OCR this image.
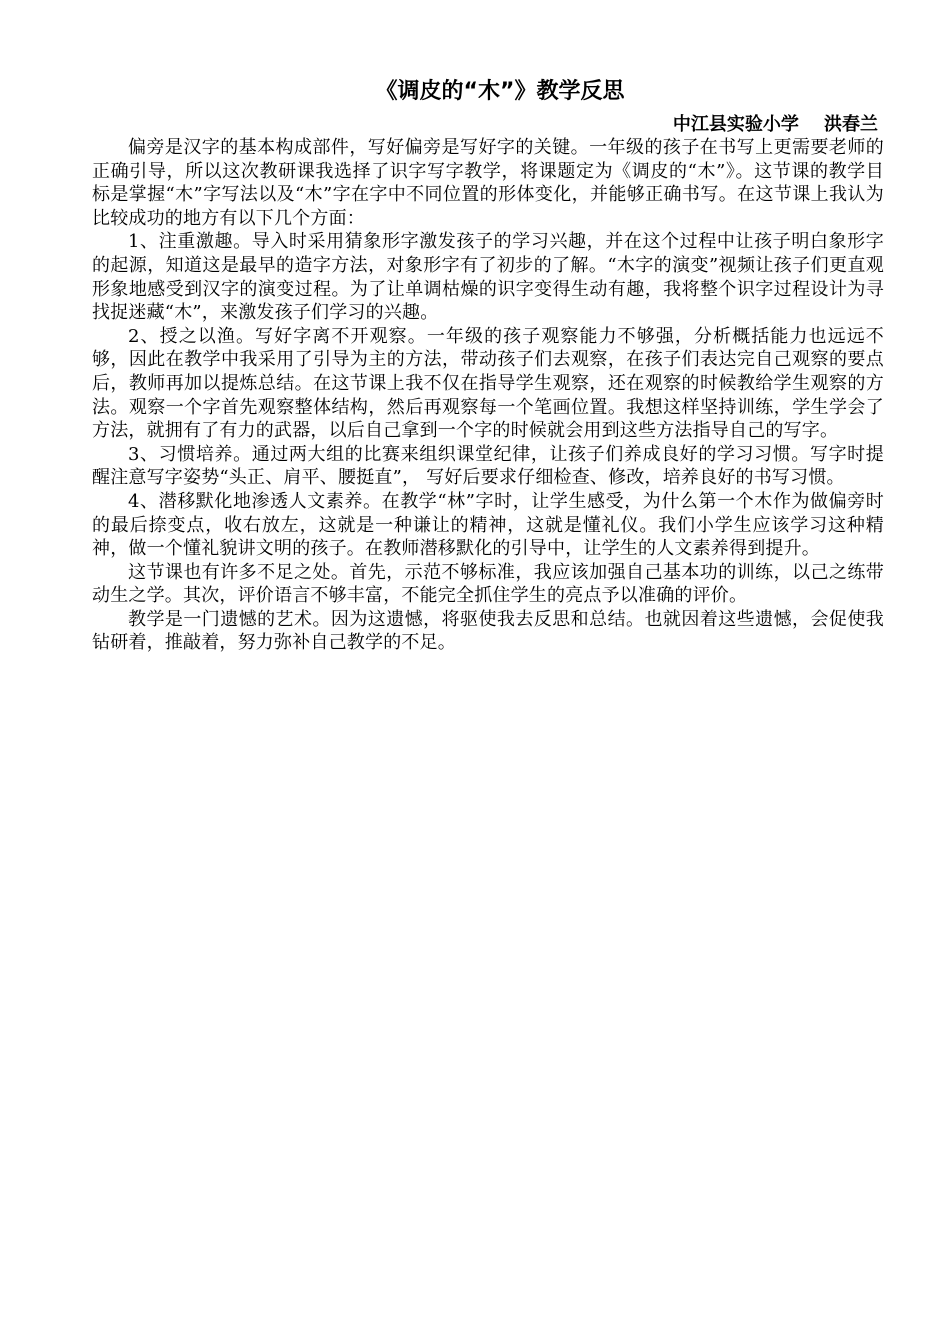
《调皮的“木”》教学反思
中江县实验小学    洪春兰

偏旁是汉字的基本构成部件，写好偏旁是写好字的关键。一年级的孩子在书写上更需要老师的正确引导，所以这次教研课我选择了识字写字教学，将课题定为《调皮的“木”》。这节课的教学目标是掌握“木”字写法以及“木”字在字中不同位置的形体变化，并能够正确书写。在这节课上我认为比较成功的地方有以下几个方面：

1、注重激趣。导入时采用猜象形字激发孩子的学习兴趣，并在这个过程中让孩子明白象形字的起源，知道这是最早的造字方法，对象形字有了初步的了解。“木字的演变”视频让孩子们更直观形象地感受到汉字的演变过程。为了让单调枯燥的识字变得生动有趣，我将整个识字过程设计为寻找捉迷藏“木”，来激发孩子们学习的兴趣。

2、授之以渔。写好字离不开观察。一年级的孩子观察能力不够强，分析概括能力也远远不够，因此在教学中我采用了引导为主的方法，带动孩子们去观察，在孩子们表达完自己观察的要点后，教师再加以提炼总结。在这节课上我不仅在指导学生观察，还在观察的时候教给学生观察的方法。观察一个字首先观察整体结构，然后再观察每一个笔画位置。我想这样坚持训练，学生学会了方法，就拥有了有力的武器，以后自己拿到一个字的时候就会用到这些方法指导自己的写字。

3、习惯培养。通过两大组的比赛来组织课堂纪律，让孩子们养成良好的学习习惯。写字时提醒注意写字姿势“头正、肩平、腰挺直”， 写好后要求仔细检查、修改，培养良好的书写习惯。

4、潜移默化地渗透人文素养。在教学“林”字时，让学生感受，为什么第一个木作为做偏旁时的最后捺变点，收右放左，这就是一种谦让的精神，这就是懂礼仪。我们小学生应该学习这种精神，做一个懂礼貌讲文明的孩子。在教师潜移默化的引导中，让学生的人文素养得到提升。

这节课也有许多不足之处。首先，示范不够标准，我应该加强自己基本功的训练，以己之练带动生之学。其次，评价语言不够丰富，不能完全抓住学生的亮点予以准确的评价。

教学是一门遗憾的艺术。因为这遗憾，将驱使我去反思和总结。也就因着这些遗憾，会促使我钻研着，推敲着，努力弥补自己教学的不足。
